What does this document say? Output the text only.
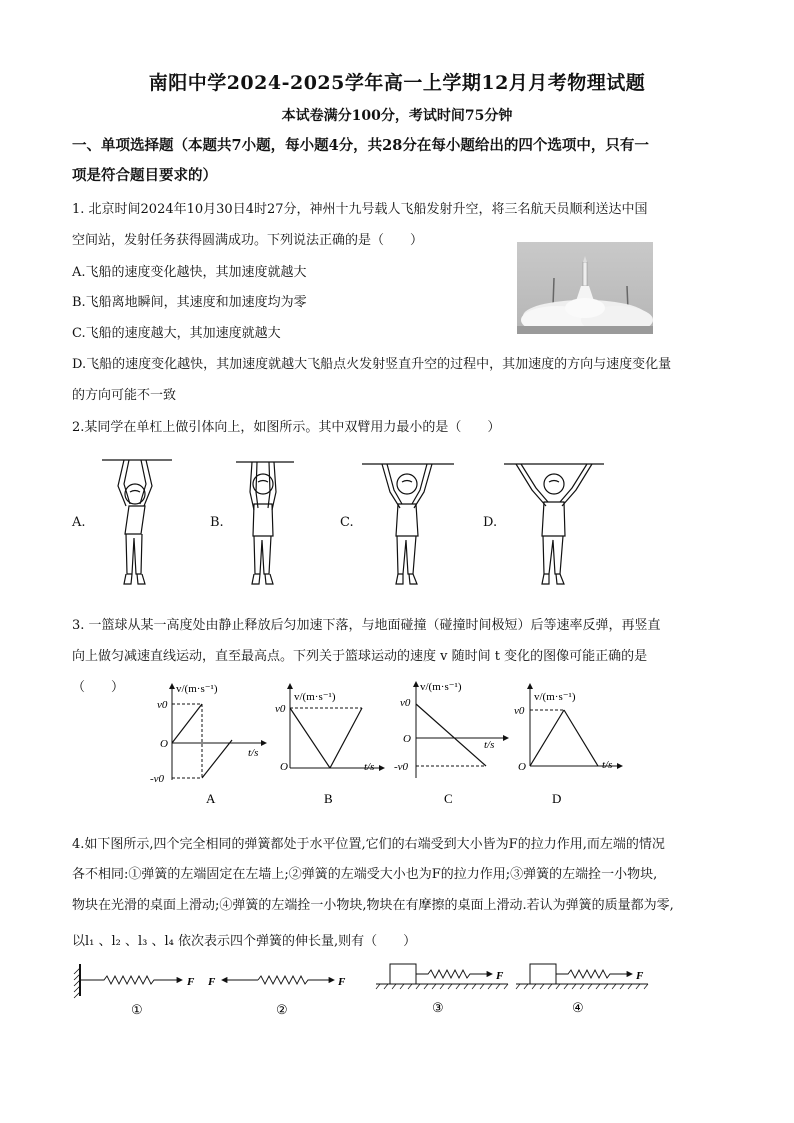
南阳中学2024-2025学年高一上学期12月月考物理试题
本试卷满分100分，考试时间75分钟
一、单项选择题（本题共7小题，每小题4分，共28分在每小题给出的四个选项中，只有一
项是符合题目要求的）
1. 北京时间2024年10月30日4时27分，神州十九号载人飞船发射升空，将三名航天员顺利送达中国
空间站，发射任务获得圆满成功。下列说法正确的是（　　）
A.飞船的速度变化越快，其加速度就越大
B.飞船离地瞬间，其速度和加速度均为零
C.飞船的速度越大，其加速度就越大
D.飞船的速度变化越快，其加速度就越大飞船点火发射竖直升空的过程中，其加速度的方向与速度变化量
的方向可能不一致
2.某同学在单杠上做引体向上，如图所示。其中双臂用力最小的是（　　）
A.	B.	C.	D.
3. 一篮球从某一高度处由静止释放后匀加速下落，与地面碰撞（碰撞时间极短）后等速率反弹，再竖直
向上做匀减速直线运动，直至最高点。下列关于篮球运动的速度 v 随时间 t 变化的图像可能正确的是
（　　）	v/(m·s⁻¹)
v0
O
-v0
t/s
A
v/(m·s⁻¹)
v0
O	t/s
B
v/(m·s⁻¹)
v0
O
-v0
t/s
C
v/(m·s⁻¹)
v0
O	t/s
D
4.如下图所示,四个完全相同的弹簧都处于水平位置,它们的右端受到大小皆为F的拉力作用,而左端的情况
各不相同:①弹簧的左端固定在左墙上;②弹簧的左端受大小也为F的拉力作用;③弹簧的左端拴一小物块,
物块在光滑的桌面上滑动;④弹簧的左端拴一小物块,物块在有摩擦的桌面上滑动.若认为弹簧的质量都为零,
以l₁ 、l₂ 、l₃ 、l₄ 依次表示四个弹簧的伸长量,则有（　　）
F
①
F	F
②
F
③
F
④
